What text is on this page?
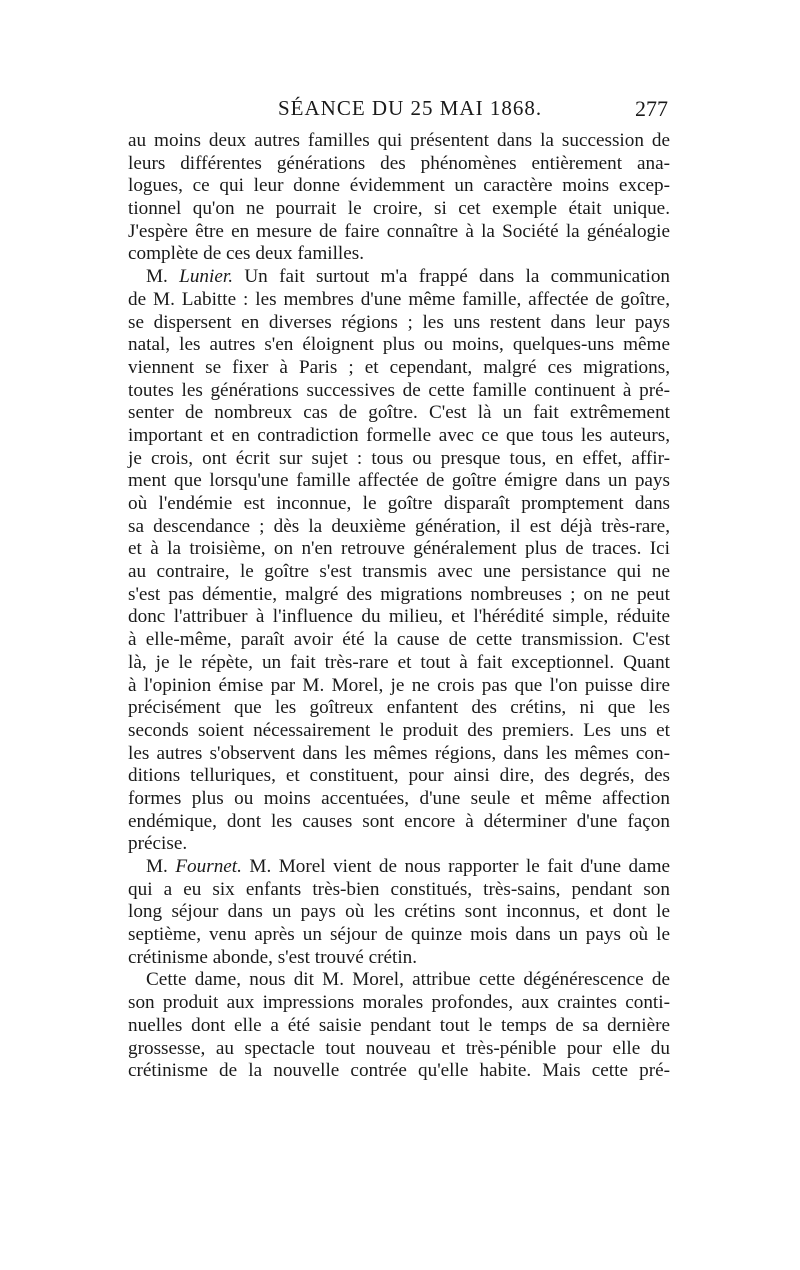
SÉANCE DU 25 MAI 1868.	277
au moins deux autres familles qui présentent dans la succession de
leurs différentes générations des phénomènes entièrement ana-
logues, ce qui leur donne évidemment un caractère moins excep-
tionnel qu'on ne pourrait le croire, si cet exemple était unique.
J'espère être en mesure de faire connaître à la Société la généalogie
complète de ces deux familles.
M. Lunier. Un fait surtout m'a frappé dans la communication
de M. Labitte : les membres d'une même famille, affectée de goître,
se dispersent en diverses régions ; les uns restent dans leur pays
natal, les autres s'en éloignent plus ou moins, quelques-uns même
viennent se fixer à Paris ; et cependant, malgré ces migrations,
toutes les générations successives de cette famille continuent à pré-
senter de nombreux cas de goître. C'est là un fait extrêmement
important et en contradiction formelle avec ce que tous les auteurs,
je crois, ont écrit sur sujet : tous ou presque tous, en effet, affir-
ment que lorsqu'une famille affectée de goître émigre dans un pays
où l'endémie est inconnue, le goître disparaît promptement dans
sa descendance ; dès la deuxième génération, il est déjà très-rare,
et à la troisième, on n'en retrouve généralement plus de traces. Ici
au contraire, le goître s'est transmis avec une persistance qui ne
s'est pas démentie, malgré des migrations nombreuses ; on ne peut
donc l'attribuer à l'influence du milieu, et l'hérédité simple, réduite
à elle-même, paraît avoir été la cause de cette transmission. C'est
là, je le répète, un fait très-rare et tout à fait exceptionnel. Quant
à l'opinion émise par M. Morel, je ne crois pas que l'on puisse dire
précisément que les goîtreux enfantent des crétins, ni que les
seconds soient nécessairement le produit des premiers. Les uns et
les autres s'observent dans les mêmes régions, dans les mêmes con-
ditions telluriques, et constituent, pour ainsi dire, des degrés, des
formes plus ou moins accentuées, d'une seule et même affection
endémique, dont les causes sont encore à déterminer d'une façon
précise.
M. Fournet. M. Morel vient de nous rapporter le fait d'une dame
qui a eu six enfants très-bien constitués, très-sains, pendant son
long séjour dans un pays où les crétins sont inconnus, et dont le
septième, venu après un séjour de quinze mois dans un pays où le
crétinisme abonde, s'est trouvé crétin.
Cette dame, nous dit M. Morel, attribue cette dégénérescence de
son produit aux impressions morales profondes, aux craintes conti-
nuelles dont elle a été saisie pendant tout le temps de sa dernière
grossesse, au spectacle tout nouveau et très-pénible pour elle du
crétinisme de la nouvelle contrée qu'elle habite. Mais cette pré-
